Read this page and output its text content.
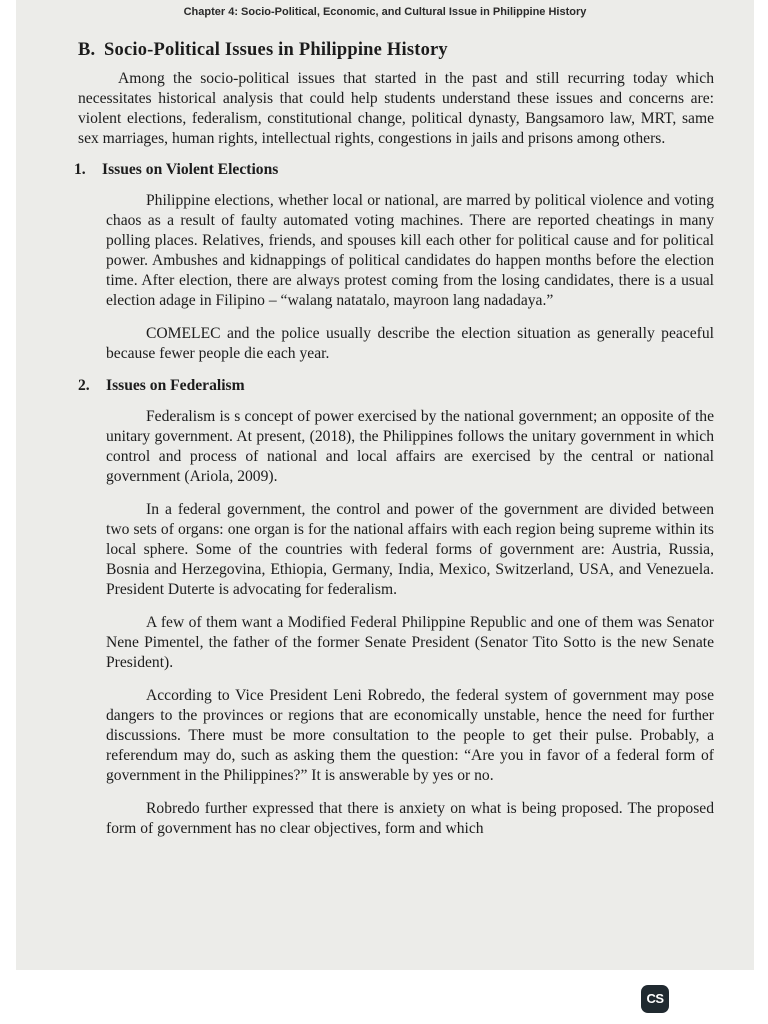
Chapter 4: Socio-Political, Economic, and Cultural Issue in Philippine History
B. Socio-Political Issues in Philippine History

Among the socio-political issues that started in the past and still recurring today which necessitates historical analysis that could help students understand these issues and concerns are: violent elections, federalism, constitutional change, political dynasty, Bangsamoro law, MRT, same sex marriages, human rights, intellectual rights, congestions in jails and prisons among others.

1. Issues on Violent Elections

Philippine elections, whether local or national, are marred by political violence and voting chaos as a result of faulty automated voting machines. There are reported cheatings in many polling places. Relatives, friends, and spouses kill each other for political cause and for political power. Ambushes and kidnappings of political candidates do happen months before the election time. After election, there are always protest coming from the losing candidates, there is a usual election adage in Filipino – “walang natatalo, mayroon lang nadadaya.”

COMELEC and the police usually describe the election situation as generally peaceful because fewer people die each year.

2. Issues on Federalism

Federalism is s concept of power exercised by the national government; an opposite of the unitary government. At present, (2018), the Philippines follows the unitary government in which control and process of national and local affairs are exercised by the central or national government (Ariola, 2009).

In a federal government, the control and power of the government are divided between two sets of organs: one organ is for the national affairs with each region being supreme within its local sphere. Some of the countries with federal forms of government are: Austria, Russia, Bosnia and Herzegovina, Ethiopia, Germany, India, Mexico, Switzerland, USA, and Venezuela. President Duterte is advocating for federalism.

A few of them want a Modified Federal Philippine Republic and one of them was Senator Nene Pimentel, the father of the former Senate President (Senator Tito Sotto is the new Senate President).

According to Vice President Leni Robredo, the federal system of government may pose dangers to the provinces or regions that are economically unstable, hence the need for further discussions. There must be more consultation to the people to get their pulse. Probably, a referendum may do, such as asking them the question: “Are you in favor of a federal form of government in the Philippines?” It is answerable by yes or no.

Robredo further expressed that there is anxiety on what is being proposed. The proposed form of government has no clear objectives, form and which

CS
